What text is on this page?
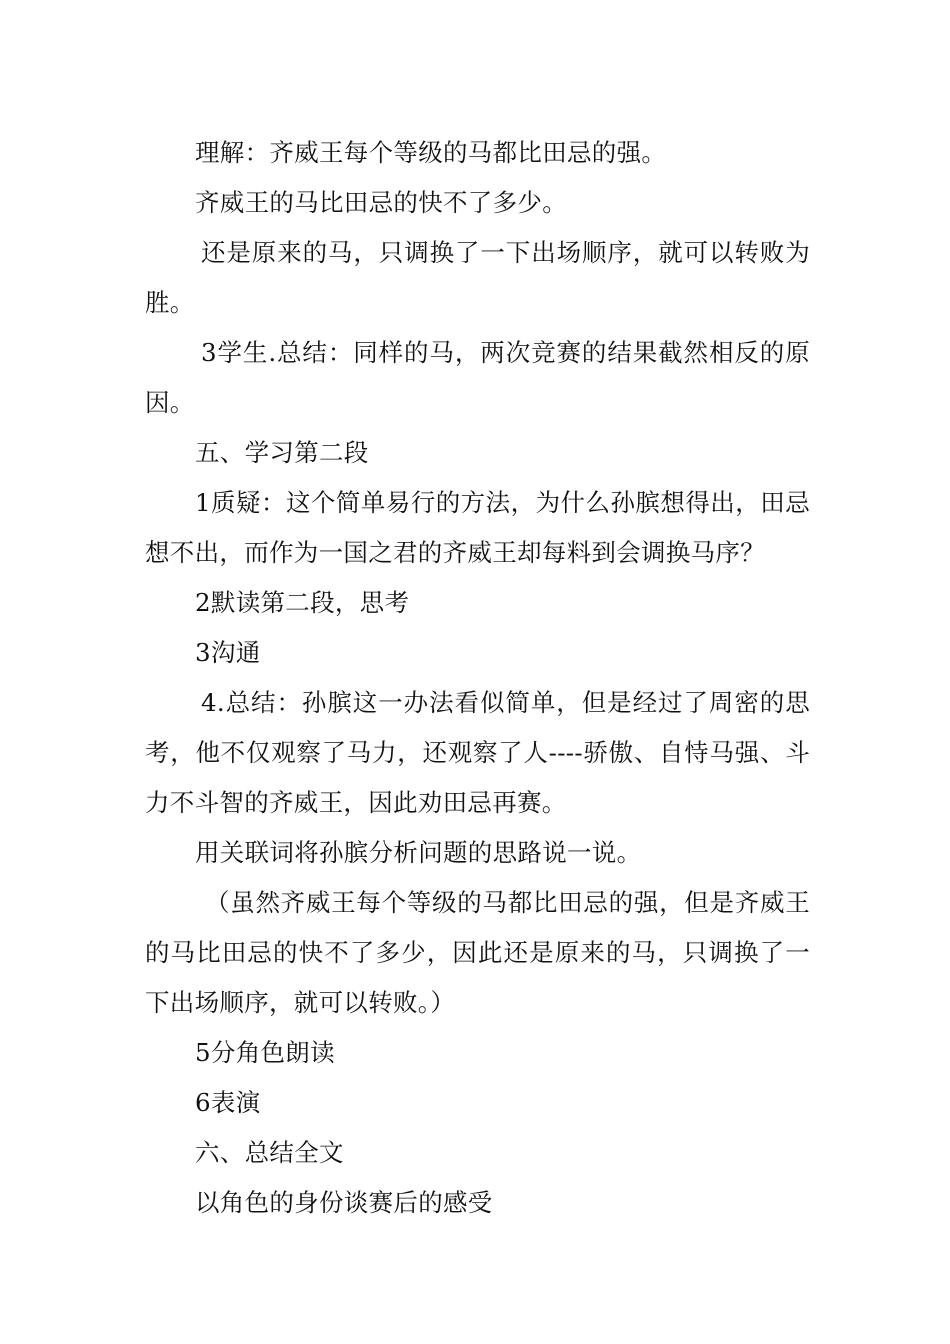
理解：齐威王每个等级的马都比田忌的强。

齐威王的马比田忌的快不了多少。

还是原来的马，只调换了一下出场顺序，就可以转败为胜。

3学生.总结：同样的马，两次竞赛的结果截然相反的原因。

五、学习第二段

1质疑：这个简单易行的方法，为什么孙膑想得出，田忌想不出，而作为一国之君的齐威王却每料到会调换马序？

2默读第二段，思考

3沟通

4.总结：孙膑这一办法看似简单，但是经过了周密的思考，他不仅观察了马力，还观察了人----骄傲、自恃马强、斗力不斗智的齐威王，因此劝田忌再赛。

用关联词将孙膑分析问题的思路说一说。

（虽然齐威王每个等级的马都比田忌的强，但是齐威王的马比田忌的快不了多少，因此还是原来的马，只调换了一下出场顺序，就可以转败。）

5分角色朗读

6表演

六、总结全文

以角色的身份谈赛后的感受
